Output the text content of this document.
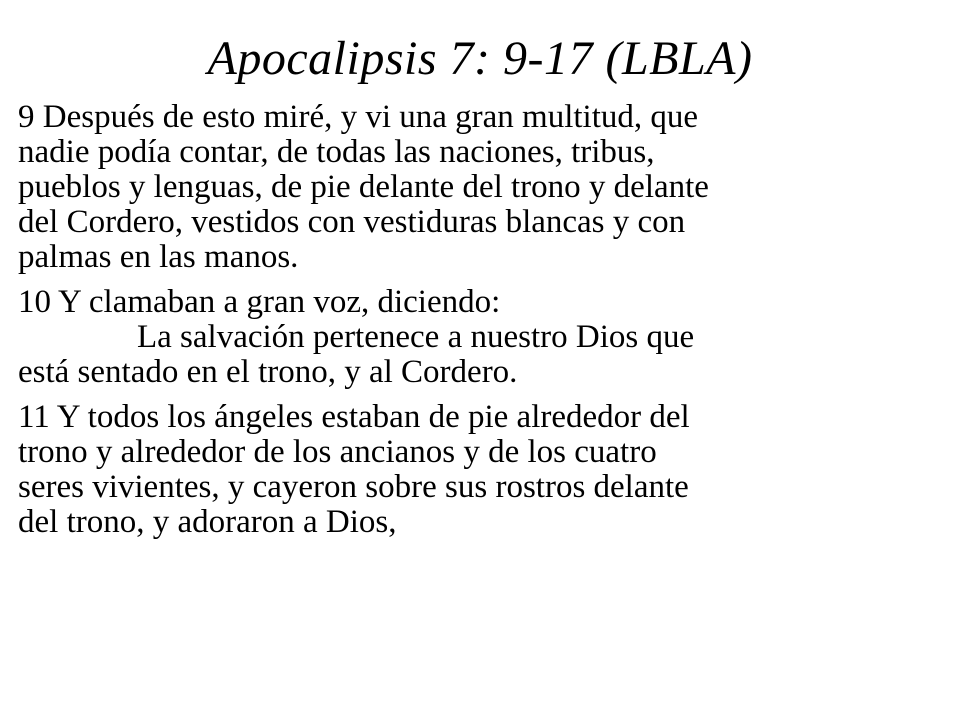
Apocalipsis 7: 9-17 (LBLA)

9 Después de esto miré, y vi una gran multitud, que
nadie podía contar, de todas las naciones, tribus,
pueblos y lenguas, de pie delante del trono y delante
del Cordero, vestidos con vestiduras blancas y con
palmas en las manos.

10 Y clamaban a gran voz, diciendo:
La salvación pertenece a nuestro Dios que
está sentado en el trono, y al Cordero.

11 Y todos los ángeles estaban de pie alrededor del
trono y alrededor de los ancianos y de los cuatro
seres vivientes, y cayeron sobre sus rostros delante
del trono, y adoraron a Dios,
